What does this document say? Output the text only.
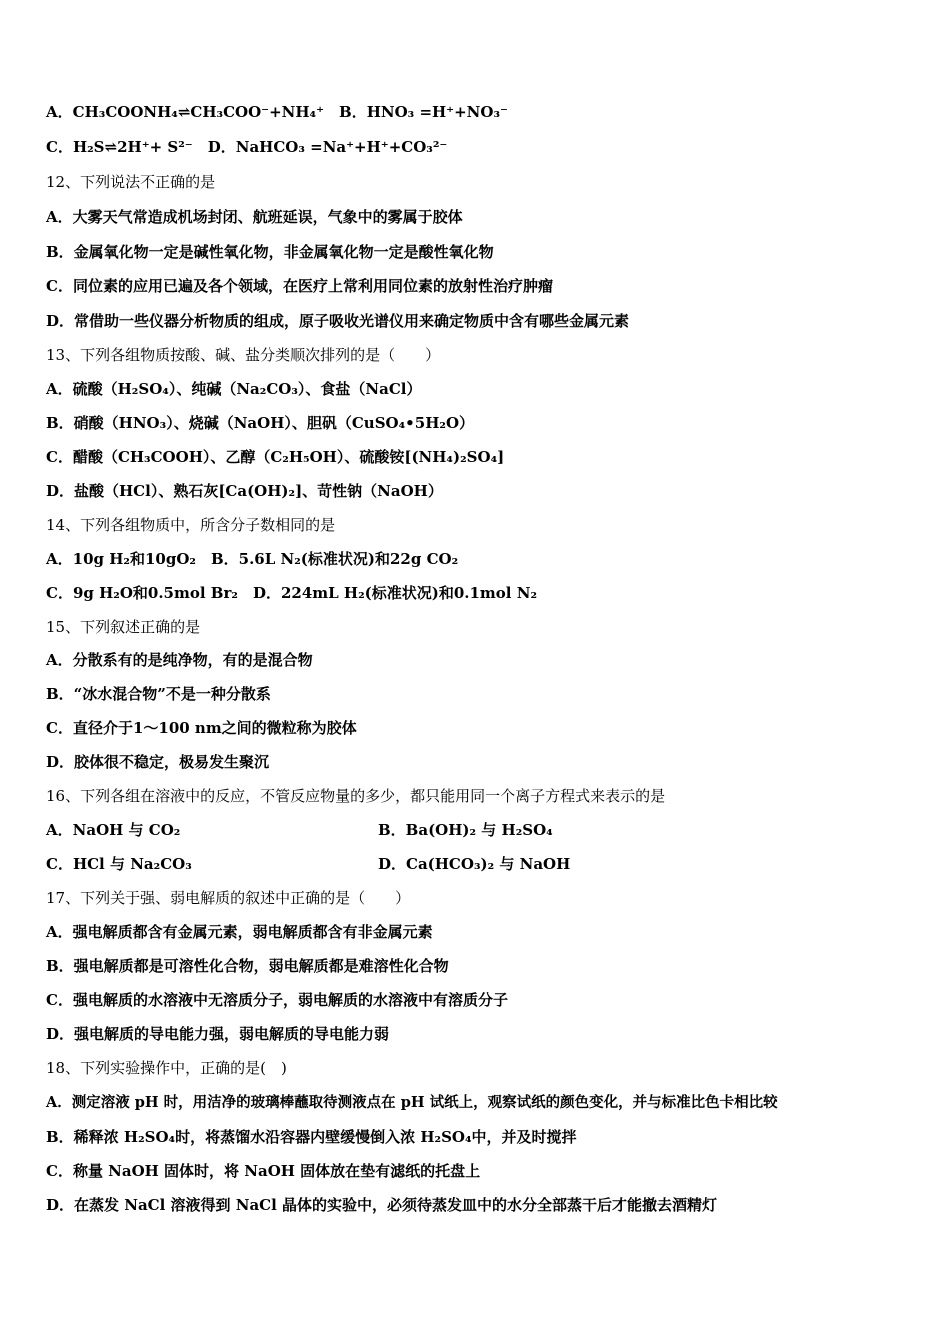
A．CH₃COONH₄⇌CH₃COO⁻+NH₄⁺　B．HNO₃ =H⁺+NO₃⁻
C．H₂S⇌2H⁺+ S²⁻　D．NaHCO₃ =Na⁺+H⁺+CO₃²⁻
12、下列说法不正确的是
A．大雾天气常造成机场封闭、航班延误，气象中的雾属于胶体
B．金属氧化物一定是碱性氧化物，非金属氧化物一定是酸性氧化物
C．同位素的应用已遍及各个领域，在医疗上常利用同位素的放射性治疗肿瘤
D．常借助一些仪器分析物质的组成，原子吸收光谱仪用来确定物质中含有哪些金属元素
13、下列各组物质按酸、碱、盐分类顺次排列的是（　　）
A．硫酸（H₂SO₄）、纯碱（Na₂CO₃）、食盐（NaCl）
B．硝酸（HNO₃）、烧碱（NaOH）、胆矾（CuSO₄•5H₂O）
C．醋酸（CH₃COOH）、乙醇（C₂H₅OH）、硫酸铵[(NH₄)₂SO₄]
D．盐酸（HCl）、熟石灰[Ca(OH)₂]、苛性钠（NaOH）
14、下列各组物质中，所含分子数相同的是
A．10g H₂和10gO₂　B．5.6L N₂(标准状况)和22g CO₂
C．9g H₂O和0.5mol Br₂　D．224mL H₂(标准状况)和0.1mol N₂
15、下列叙述正确的是
A．分散系有的是纯净物，有的是混合物
B．“冰水混合物”不是一种分散系
C．直径介于1～100 nm之间的微粒称为胶体
D．胶体很不稳定，极易发生聚沉
16、下列各组在溶液中的反应，不管反应物量的多少，都只能用同一个离子方程式来表示的是
A．NaOH 与 CO₂	B．Ba(OH)₂ 与 H₂SO₄
C．HCl 与 Na₂CO₃	D．Ca(HCO₃)₂ 与 NaOH
17、下列关于强、弱电解质的叙述中正确的是（　　）
A．强电解质都含有金属元素，弱电解质都含有非金属元素
B．强电解质都是可溶性化合物，弱电解质都是难溶性化合物
C．强电解质的水溶液中无溶质分子，弱电解质的水溶液中有溶质分子
D．强电解质的导电能力强，弱电解质的导电能力弱
18、下列实验操作中，正确的是(　)
A．测定溶液 pH 时，用洁净的玻璃棒蘸取待测液点在 pH 试纸上，观察试纸的颜色变化，并与标准比色卡相比较
B．稀释浓 H₂SO₄时，将蒸馏水沿容器内壁缓慢倒入浓 H₂SO₄中，并及时搅拌
C．称量 NaOH 固体时，将 NaOH 固体放在垫有滤纸的托盘上
D．在蒸发 NaCl 溶液得到 NaCl 晶体的实验中，必须待蒸发皿中的水分全部蒸干后才能撤去酒精灯
